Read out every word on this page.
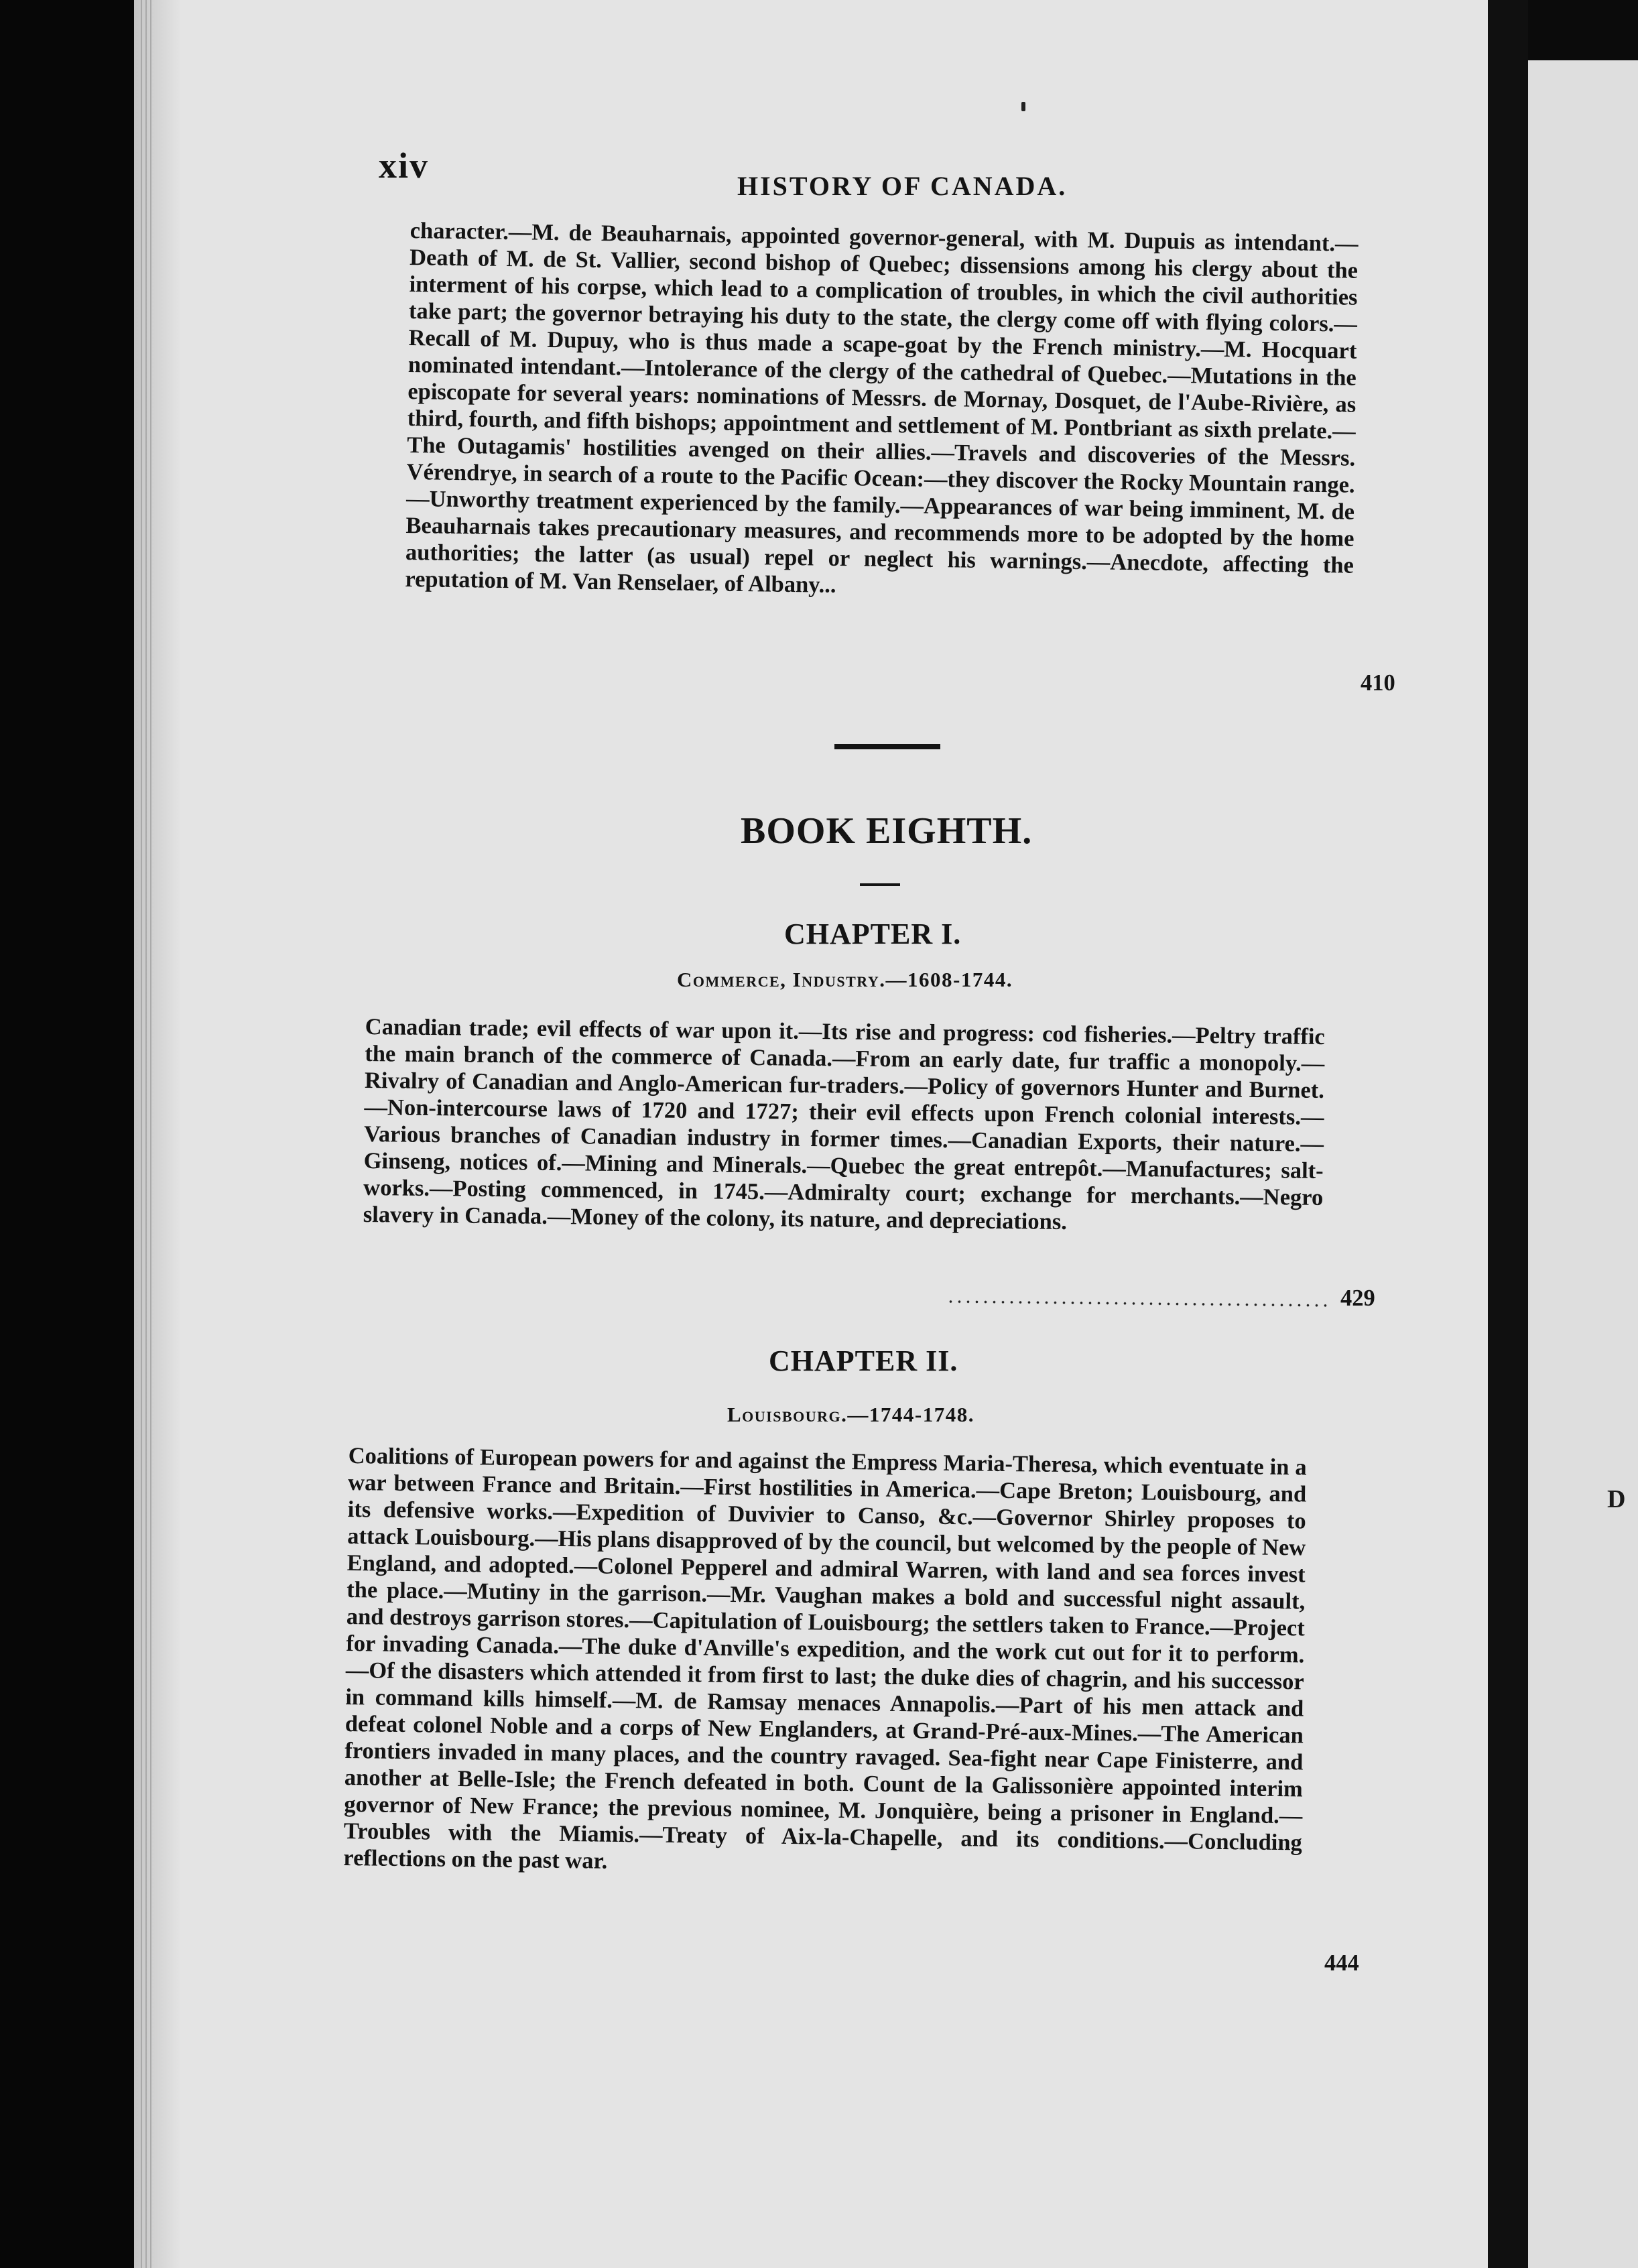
D
xiv
HISTORY OF CANADA.
character.—M. de Beauharnais, appointed governor-general, with M. Dupuis as intendant.—Death of M. de St. Vallier, second bishop of Quebec; dissensions among his clergy about the interment of his corpse, which lead to a complication of troubles, in which the civil authorities take part; the governor betraying his duty to the state, the clergy come off with flying colors.—Recall of M. Dupuy, who is thus made a scape-goat by the French ministry.—M. Hocquart nominated intendant.—Intolerance of the clergy of the cathedral of Quebec.—Mutations in the episcopate for several years: nominations of Messrs. de Mornay, Dosquet, de l'Aube-Rivière, as third, fourth, and fifth bishops; appointment and settlement of M. Pontbriant as sixth prelate.—The Outagamis' hostilities avenged on their allies.—Travels and discoveries of the Messrs. Vérendrye, in search of a route to the Pacific Ocean:—they discover the Rocky Mountain range.—Unworthy treatment experienced by the family.—Appearances of war being imminent, M. de Beauharnais takes precautionary measures, and recommends more to be adopted by the home authorities; the latter (as usual) repel or neglect his warnings.—Anecdote, affecting the reputation of M. Van Renselaer, of Albany...
410
BOOK EIGHTH.
CHAPTER I.
Commerce, Industry.—1608-1744.
Canadian trade; evil effects of war upon it.—Its rise and progress: cod fisheries.—Peltry traffic the main branch of the commerce of Canada.—From an early date, fur traffic a monopoly.—Rivalry of Canadian and Anglo-American fur-traders.—Policy of governors Hunter and Burnet.—Non-intercourse laws of 1720 and 1727; their evil effects upon French colonial interests.—Various branches of Canadian industry in former times.—Canadian Exports, their nature.—Ginseng, notices of.—Mining and Minerals.—Quebec the great entrepôt.—Manufactures; salt-works.—Posting commenced, in 1745.—Admiralty court; exchange for merchants.—Negro slavery in Canada.—Money of the colony, its nature, and depreciations.
429
CHAPTER II.
Louisbourg.—1744-1748.
Coalitions of European powers for and against the Empress Maria-Theresa, which eventuate in a war between France and Britain.—First hostilities in America.—Cape Breton; Louisbourg, and its defensive works.—Expedition of Duvivier to Canso, &c.—Governor Shirley proposes to attack Louisbourg.—His plans disapproved of by the council, but welcomed by the people of New England, and adopted.—Colonel Pepperel and admiral Warren, with land and sea forces invest the place.—Mutiny in the garrison.—Mr. Vaughan makes a bold and successful night assault, and destroys garrison stores.—Capitulation of Louisbourg; the settlers taken to France.—Project for invading Canada.—The duke d'Anville's expedition, and the work cut out for it to perform.—Of the disasters which attended it from first to last; the duke dies of chagrin, and his successor in command kills himself.—M. de Ramsay menaces Annapolis.—Part of his men attack and defeat colonel Noble and a corps of New Englanders, at Grand-Pré-aux-Mines.—The American frontiers invaded in many places, and the country ravaged. Sea-fight near Cape Finisterre, and another at Belle-Isle; the French defeated in both. Count de la Galissonière appointed interim governor of New France; the previous nominee, M. Jonquière, being a prisoner in England.—Troubles with the Miamis.—Treaty of Aix-la-Chapelle, and its conditions.—Concluding reflections on the past war.
444
